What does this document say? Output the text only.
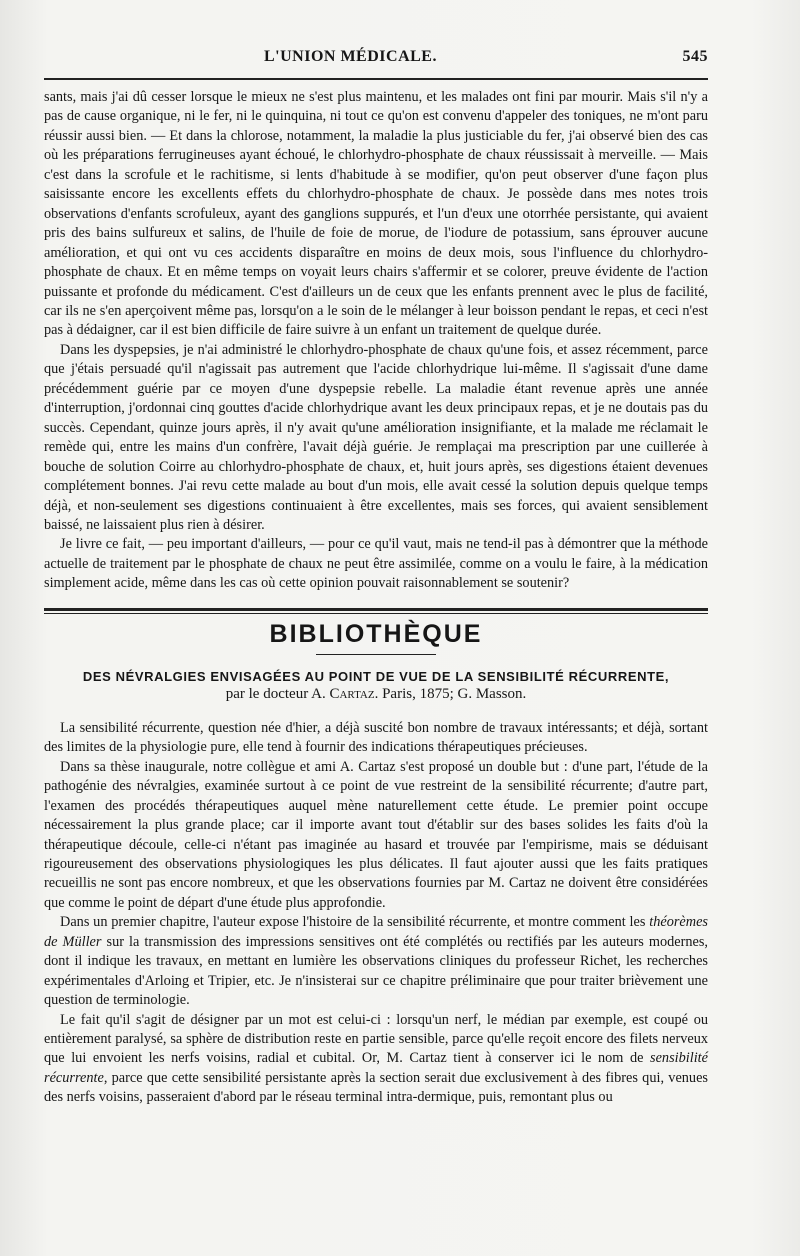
L'UNION MÉDICALE.	545

sants, mais j'ai dû cesser lorsque le mieux ne s'est plus maintenu, et les malades ont fini par mourir. Mais s'il n'y a pas de cause organique, ni le fer, ni le quinquina, ni tout ce qu'on est convenu d'appeler des toniques, ne m'ont paru réussir aussi bien. — Et dans la chlorose, notamment, la maladie la plus justiciable du fer, j'ai observé bien des cas où les préparations ferrugineuses ayant échoué, le chlorhydro-phosphate de chaux réussissait à merveille. — Mais c'est dans la scrofule et le rachitisme, si lents d'habitude à se modifier, qu'on peut observer d'une façon plus saisissante encore les excellents effets du chlorhydro-phosphate de chaux. Je possède dans mes notes trois observations d'enfants scrofuleux, ayant des ganglions suppurés, et l'un d'eux une otorrhée persistante, qui avaient pris des bains sulfureux et salins, de l'huile de foie de morue, de l'iodure de potassium, sans éprouver aucune amélioration, et qui ont vu ces accidents disparaître en moins de deux mois, sous l'influence du chlorhydro-phosphate de chaux. Et en même temps on voyait leurs chairs s'affermir et se colorer, preuve évidente de l'action puissante et profonde du médicament. C'est d'ailleurs un de ceux que les enfants prennent avec le plus de facilité, car ils ne s'en aperçoivent même pas, lorsqu'on a le soin de le mélanger à leur boisson pendant le repas, et ceci n'est pas à dédaigner, car il est bien difficile de faire suivre à un enfant un traitement de quelque durée.

Dans les dyspepsies, je n'ai administré le chlorhydro-phosphate de chaux qu'une fois, et assez récemment, parce que j'étais persuadé qu'il n'agissait pas autrement que l'acide chlorhydrique lui-même. Il s'agissait d'une dame précédemment guérie par ce moyen d'une dyspepsie rebelle. La maladie étant revenue après une année d'interruption, j'ordonnai cinq gouttes d'acide chlorhydrique avant les deux principaux repas, et je ne doutais pas du succès. Cependant, quinze jours après, il n'y avait qu'une amélioration insignifiante, et la malade me réclamait le remède qui, entre les mains d'un confrère, l'avait déjà guérie. Je remplaçai ma prescription par une cuillerée à bouche de solution Coirre au chlorhydro-phosphate de chaux, et, huit jours après, ses digestions étaient devenues complétement bonnes. J'ai revu cette malade au bout d'un mois, elle avait cessé la solution depuis quelque temps déjà, et non-seulement ses digestions continuaient à être excellentes, mais ses forces, qui avaient sensiblement baissé, ne laissaient plus rien à désirer.

Je livre ce fait, — peu important d'ailleurs, — pour ce qu'il vaut, mais ne tend-il pas à démontrer que la méthode actuelle de traitement par le phosphate de chaux ne peut être assimilée, comme on a voulu le faire, à la médication simplement acide, même dans les cas où cette opinion pouvait raisonnablement se soutenir?

BIBLIOTHÈQUE
DES NÉVRALGIES ENVISAGÉES AU POINT DE VUE DE LA SENSIBILITÉ RÉCURRENTE,
par le docteur A. Cartaz. Paris, 1875; G. Masson.

La sensibilité récurrente, question née d'hier, a déjà suscité bon nombre de travaux intéressants; et déjà, sortant des limites de la physiologie pure, elle tend à fournir des indications thérapeutiques précieuses.

Dans sa thèse inaugurale, notre collègue et ami A. Cartaz s'est proposé un double but : d'une part, l'étude de la pathogénie des névralgies, examinée surtout à ce point de vue restreint de la sensibilité récurrente; d'autre part, l'examen des procédés thérapeutiques auquel mène naturellement cette étude. Le premier point occupe nécessairement la plus grande place; car il importe avant tout d'établir sur des bases solides les faits d'où la thérapeutique découle, celle-ci n'étant pas imaginée au hasard et trouvée par l'empirisme, mais se déduisant rigoureusement des observations physiologiques les plus délicates. Il faut ajouter aussi que les faits pratiques recueillis ne sont pas encore nombreux, et que les observations fournies par M. Cartaz ne doivent être considérées que comme le point de départ d'une étude plus approfondie.

Dans un premier chapitre, l'auteur expose l'histoire de la sensibilité récurrente, et montre comment les théorèmes de Müller sur la transmission des impressions sensitives ont été complétés ou rectifiés par les auteurs modernes, dont il indique les travaux, en mettant en lumière les observations cliniques du professeur Richet, les recherches expérimentales d'Arloing et Tripier, etc. Je n'insisterai sur ce chapitre préliminaire que pour traiter brièvement une question de terminologie.

Le fait qu'il s'agit de désigner par un mot est celui-ci : lorsqu'un nerf, le médian par exemple, est coupé ou entièrement paralysé, sa sphère de distribution reste en partie sensible, parce qu'elle reçoit encore des filets nerveux que lui envoient les nerfs voisins, radial et cubital. Or, M. Cartaz tient à conserver ici le nom de sensibilité récurrente, parce que cette sensibilité persistante après la section serait due exclusivement à des fibres qui, venues des nerfs voisins, passeraient d'abord par le réseau terminal intra-dermique, puis, remontant plus ou
